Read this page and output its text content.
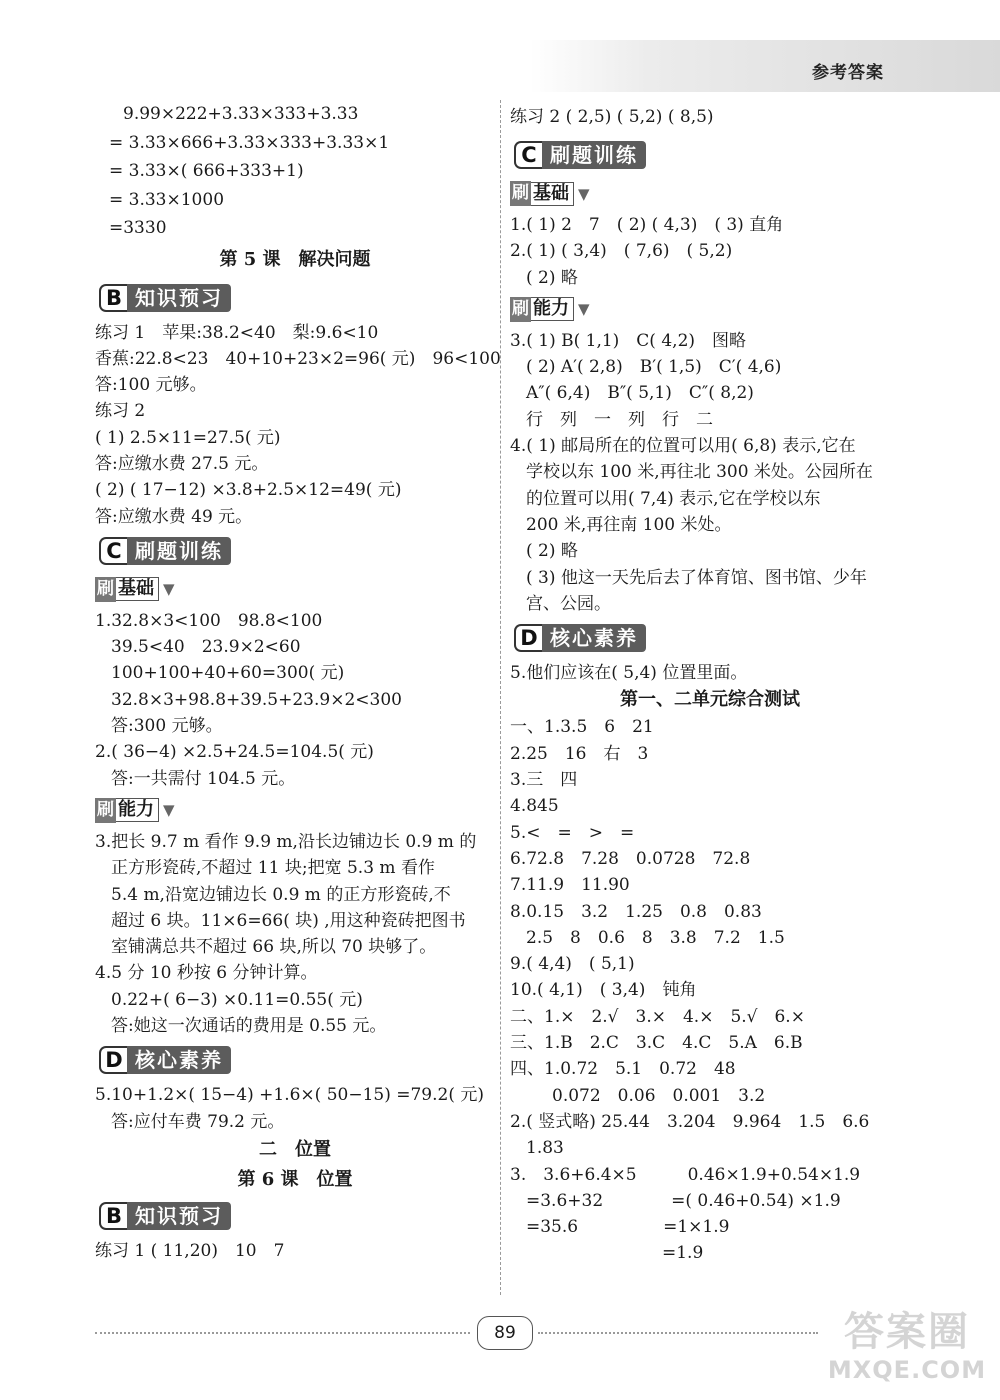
参考答案
9.99×222+3.33×333+3.33
= 3.33×666+3.33×333+3.33×1
= 3.33×( 666+333+1)
= 3.33×1000
=3330
第 5 课　解决问题
B 知识预习
练习 1　苹果:38.2<40　梨:9.6<10
香蕉:22.8<23　40+10+23×2=96( 元)　96<100
答:100 元够。
练习 2
( 1) 2.5×11=27.5( 元)
答:应缴水费 27.5 元。
( 2) ( 17−12) ×3.8+2.5×12=49( 元)
答:应缴水费 49 元。
C 刷题训练
刷 基础 ▼
1.32.8×3<100　98.8<100
39.5<40　23.9×2<60
100+100+40+60=300( 元)
32.8×3+98.8+39.5+23.9×2<300
答:300 元够。
2.( 36−4) ×2.5+24.5=104.5( 元)
答:一共需付 104.5 元。
刷 能力 ▼
3.把长 9.7 m 看作 9.9 m,沿长边铺边长 0.9 m 的
正方形瓷砖,不超过 11 块;把宽 5.3 m 看作
5.4 m,沿宽边铺边长 0.9 m 的正方形瓷砖,不
超过 6 块。11×6=66( 块) ,用这种瓷砖把图书
室铺满总共不超过 66 块,所以 70 块够了。
4.5 分 10 秒按 6 分钟计算。
0.22+( 6−3) ×0.11=0.55( 元)
答:她这一次通话的费用是 0.55 元。
D 核心素养
5.10+1.2×( 15−4) +1.6×( 50−15) =79.2( 元)
答:应付车费 79.2 元。
二　位置
第 6 课　位置
B 知识预习
练习 1 ( 11,20)　10　7
练习 2 ( 2,5) ( 5,2) ( 8,5)
C 刷题训练
刷 基础 ▼
1.( 1) 2　7　( 2) ( 4,3)　( 3) 直角
2.( 1) ( 3,4)　( 7,6)　( 5,2)
( 2) 略
刷 能力 ▼
3.( 1) B( 1,1)　C( 4,2)　图略
( 2) A′( 2,8)　B′( 1,5)　C′( 4,6)
A″( 6,4)　B″( 5,1)　C″( 8,2)
行　列　一　列　行　二
4.( 1) 邮局所在的位置可以用( 6,8) 表示,它在
学校以东 100 米,再往北 300 米处。公园所在
的位置可以用( 7,4) 表示,它在学校以东
200 米,再往南 100 米处。
( 2) 略
( 3) 他这一天先后去了体育馆、图书馆、少年
宫、公园。
D 核心素养
5.他们应该在( 5,4) 位置里面。
第一、二单元综合测试
一、1.3.5　6　21
2.25　16　右　3
3.三　四
4.845
5.<　=　>　=
6.72.8　7.28　0.0728　72.8
7.11.9　11.90
8.0.15　3.2　1.25　0.8　0.83
2.5　8　0.6　8　3.8　7.2　1.5
9.( 4,4)　( 5,1)
10.( 4,1)　( 3,4)　钝角
二、1.×　2.√　3.×　4.×　5.√　6.×
三、1.B　2.C　3.C　4.C　5.A　6.B
四、1.0.72　5.1　0.72　48
0.072　0.06　0.001　3.2
2.( 竖式略) 25.44　3.204　9.964　1.5　6.6
1.83
3.　3.6+6.4×5　　　0.46×1.9+0.54×1.9
=3.6+32　　　　=( 0.46+0.54) ×1.9
=35.6　　　　　=1×1.9
　　　　　　　　=1.9
89	答案圈
MXQE.COM
